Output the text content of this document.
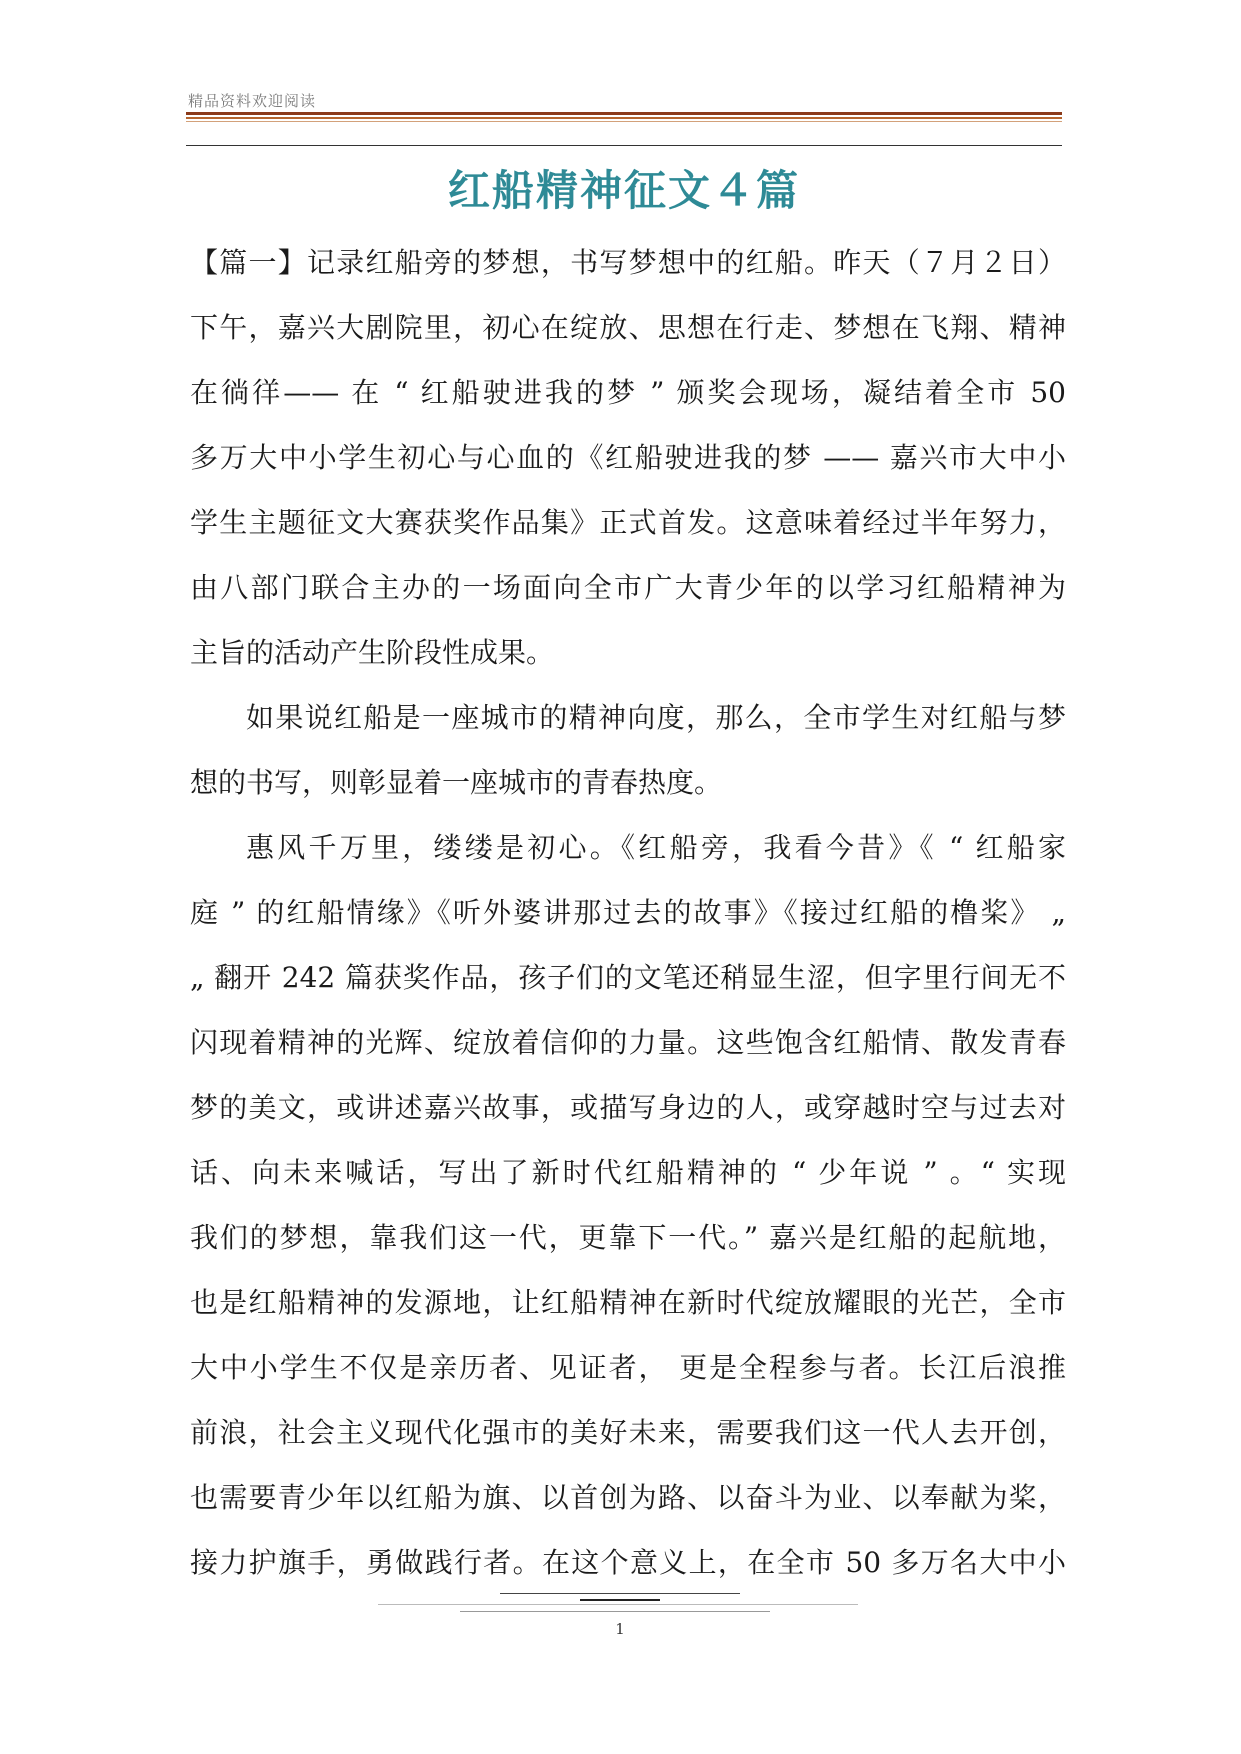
精品资料欢迎阅读
红船精神征文４篇
【篇一】记录红船旁的梦想，书写梦想中的红船。昨天（７月２日）
下午，嘉兴大剧院里，初心在绽放、思想在行走、梦想在飞翔、精神
在徜徉—— 在 “ 红船驶进我的梦 ” 颁奖会现场，凝结着全市 50
多万大中小学生初心与心血的《红船驶进我的梦 —— 嘉兴市大中小
学生主题征文大赛获奖作品集》正式首发。这意味着经过半年努力，
由八部门联合主办的一场面向全市广大青少年的以学习红船精神为
主旨的活动产生阶段性成果。
如果说红船是一座城市的精神向度，那么，全市学生对红船与梦
想的书写，则彰显着一座城市的青春热度。
惠风千万里，缕缕是初心。《红船旁，我看今昔》《 “ 红船家
庭 ” 的红船情缘》《听外婆讲那过去的故事》《接过红船的橹桨》 „
„ 翻开 242 篇获奖作品，孩子们的文笔还稍显生涩，但字里行间无不
闪现着精神的光辉、绽放着信仰的力量。这些饱含红船情、散发青春
梦的美文，或讲述嘉兴故事，或描写身边的人，或穿越时空与过去对
话、向未来喊话，写出了新时代红船精神的 “ 少年说 ” 。“ 实现
我们的梦想，靠我们这一代，更靠下一代。” 嘉兴是红船的起航地，
也是红船精神的发源地，让红船精神在新时代绽放耀眼的光芒，全市
大中小学生不仅是亲历者、见证者， 更是全程参与者。长江后浪推
前浪，社会主义现代化强市的美好未来，需要我们这一代人去开创，
也需要青少年以红船为旗、以首创为路、以奋斗为业、以奉献为桨，
接力护旗手，勇做践行者。在这个意义上，在全市 50 多万名大中小
1
